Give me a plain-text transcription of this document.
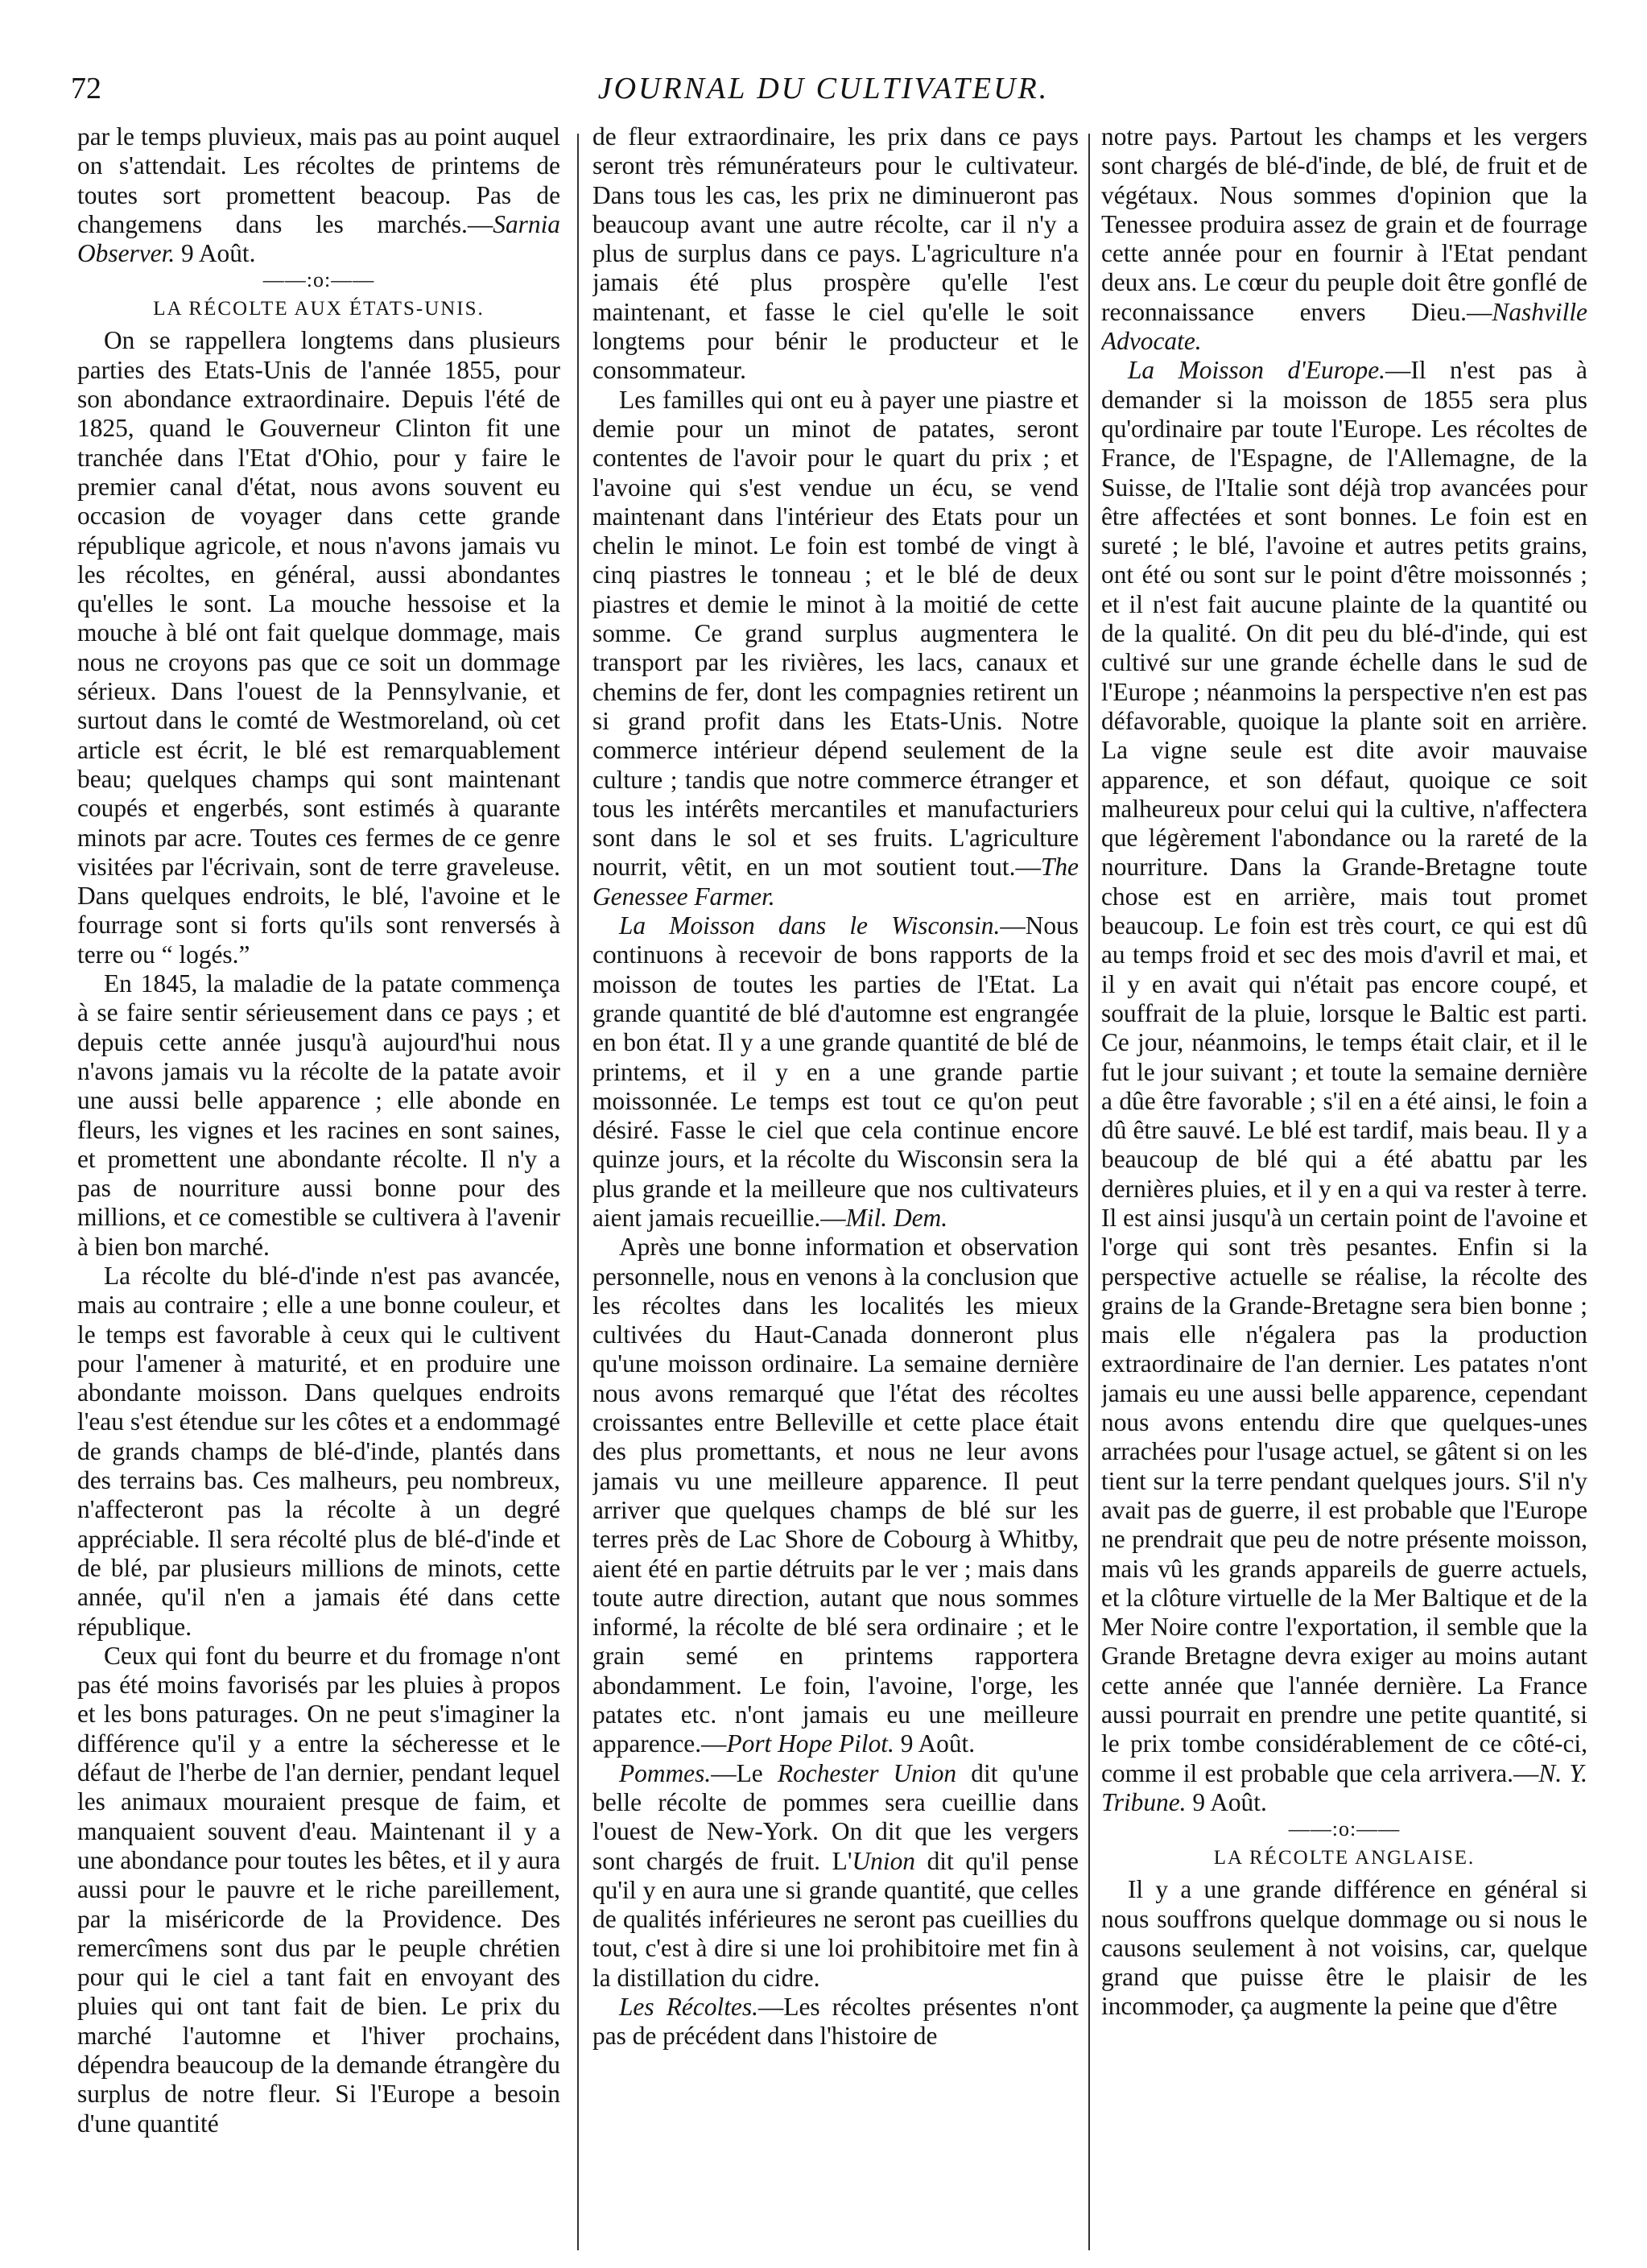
72	JOURNAL DU CULTIVATEUR.

par le temps pluvieux, mais pas au point auquel on s'attendait. Les récoltes de printems de toutes sort promettent beacoup. Pas de changemens dans les marchés.—Sarnia Observer. 9 Août.

——:o:——
LA RÉCOLTE AUX ÉTATS-UNIS.

On se rappellera longtems dans plusieurs parties des Etats-Unis de l'année 1855, pour son abondance extraordinaire. Depuis l'été de 1825, quand le Gouverneur Clinton fit une tranchée dans l'Etat d'Ohio, pour y faire le premier canal d'état, nous avons souvent eu occasion de voyager dans cette grande république agricole, et nous n'avons jamais vu les récoltes, en général, aussi abondantes qu'elles le sont. La mouche hessoise et la mouche à blé ont fait quelque dommage, mais nous ne croyons pas que ce soit un dommage sérieux. Dans l'ouest de la Pennsylvanie, et surtout dans le comté de Westmoreland, où cet article est écrit, le blé est remarquablement beau; quelques champs qui sont maintenant coupés et engerbés, sont estimés à quarante minots par acre. Toutes ces fermes de ce genre visitées par l'écrivain, sont de terre graveleuse. Dans quelques endroits, le blé, l'avoine et le fourrage sont si forts qu'ils sont renversés à terre ou “ logés.”

En 1845, la maladie de la patate commença à se faire sentir sérieusement dans ce pays ; et depuis cette année jusqu'à aujourd'hui nous n'avons jamais vu la récolte de la patate avoir une aussi belle apparence ; elle abonde en fleurs, les vignes et les racines en sont saines, et promettent une abondante récolte. Il n'y a pas de nourriture aussi bonne pour des millions, et ce comestible se cultivera à l'avenir à bien bon marché.

La récolte du blé-d'inde n'est pas avancée, mais au contraire ; elle a une bonne couleur, et le temps est favorable à ceux qui le cultivent pour l'amener à maturité, et en produire une abondante moisson. Dans quelques endroits l'eau s'est étendue sur les côtes et a endommagé de grands champs de blé-d'inde, plantés dans des terrains bas. Ces malheurs, peu nombreux, n'affecteront pas la récolte à un degré appréciable. Il sera récolté plus de blé-d'inde et de blé, par plusieurs millions de minots, cette année, qu'il n'en a jamais été dans cette république.

Ceux qui font du beurre et du fromage n'ont pas été moins favorisés par les pluies à propos et les bons paturages. On ne peut s'imaginer la différence qu'il y a entre la sécheresse et le défaut de l'herbe de l'an dernier, pendant lequel les animaux mouraient presque de faim, et manquaient souvent d'eau. Maintenant il y a une abondance pour toutes les bêtes, et il y aura aussi pour le pauvre et le riche pareillement, par la miséricorde de la Providence. Des remercîmens sont dus par le peuple chrétien pour qui le ciel a tant fait en envoyant des pluies qui ont tant fait de bien. Le prix du marché l'automne et l'hiver prochains, dépendra beaucoup de la demande étrangère du surplus de notre fleur. Si l'Europe a besoin d'une quantité

de fleur extraordinaire, les prix dans ce pays seront très rémunérateurs pour le cultivateur. Dans tous les cas, les prix ne diminueront pas beaucoup avant une autre récolte, car il n'y a plus de surplus dans ce pays. L'agriculture n'a jamais été plus prospère qu'elle l'est maintenant, et fasse le ciel qu'elle le soit longtems pour bénir le producteur et le consommateur.

Les familles qui ont eu à payer une piastre et demie pour un minot de patates, seront contentes de l'avoir pour le quart du prix ; et l'avoine qui s'est vendue un écu, se vend maintenant dans l'intérieur des Etats pour un chelin le minot. Le foin est tombé de vingt à cinq piastres le tonneau ; et le blé de deux piastres et demie le minot à la moitié de cette somme. Ce grand surplus augmentera le transport par les rivières, les lacs, canaux et chemins de fer, dont les compagnies retirent un si grand profit dans les Etats-Unis. Notre commerce intérieur dépend seulement de la culture ; tandis que notre commerce étranger et tous les intérêts mercantiles et manufacturiers sont dans le sol et ses fruits. L'agriculture nourrit, vêtit, en un mot soutient tout.—The Genessee Farmer.

La Moisson dans le Wisconsin.—Nous continuons à recevoir de bons rapports de la moisson de toutes les parties de l'Etat. La grande quantité de blé d'automne est engrangée en bon état. Il y a une grande quantité de blé de printems, et il y en a une grande partie moissonnée. Le temps est tout ce qu'on peut désiré. Fasse le ciel que cela continue encore quinze jours, et la récolte du Wisconsin sera la plus grande et la meilleure que nos cultivateurs aient jamais recueillie.—Mil. Dem.

Après une bonne information et observation personnelle, nous en venons à la conclusion que les récoltes dans les localités les mieux cultivées du Haut-Canada donneront plus qu'une moisson ordinaire. La semaine dernière nous avons remarqué que l'état des récoltes croissantes entre Belleville et cette place était des plus promettants, et nous ne leur avons jamais vu une meilleure apparence. Il peut arriver que quelques champs de blé sur les terres près de Lac Shore de Cobourg à Whitby, aient été en partie détruits par le ver ; mais dans toute autre direction, autant que nous sommes informé, la récolte de blé sera ordinaire ; et le grain semé en printems rapportera abondamment. Le foin, l'avoine, l'orge, les patates etc. n'ont jamais eu une meilleure apparence.—Port Hope Pilot. 9 Août.

Pommes.—Le Rochester Union dit qu'une belle récolte de pommes sera cueillie dans l'ouest de New-York. On dit que les vergers sont chargés de fruit. L'Union dit qu'il pense qu'il y en aura une si grande quantité, que celles de qualités inférieures ne seront pas cueillies du tout, c'est à dire si une loi prohibitoire met fin à la distillation du cidre.

Les Récoltes.—Les récoltes présentes n'ont pas de précédent dans l'histoire de

notre pays. Partout les champs et les vergers sont chargés de blé-d'inde, de blé, de fruit et de végétaux. Nous sommes d'opinion que la Tenessee produira assez de grain et de fourrage cette année pour en fournir à l'Etat pendant deux ans. Le cœur du peuple doit être gonflé de reconnaissance envers Dieu.—Nashville Advocate.

La Moisson d'Europe.—Il n'est pas à demander si la moisson de 1855 sera plus qu'ordinaire par toute l'Europe. Les récoltes de France, de l'Espagne, de l'Allemagne, de la Suisse, de l'Italie sont déjà trop avancées pour être affectées et sont bonnes. Le foin est en sureté ; le blé, l'avoine et autres petits grains, ont été ou sont sur le point d'être moissonnés ; et il n'est fait aucune plainte de la quantité ou de la qualité. On dit peu du blé-d'inde, qui est cultivé sur une grande échelle dans le sud de l'Europe ; néanmoins la perspective n'en est pas défavorable, quoique la plante soit en arrière. La vigne seule est dite avoir mauvaise apparence, et son défaut, quoique ce soit malheureux pour celui qui la cultive, n'affectera que légèrement l'abondance ou la rareté de la nourriture. Dans la Grande-Bretagne toute chose est en arrière, mais tout promet beaucoup. Le foin est très court, ce qui est dû au temps froid et sec des mois d'avril et mai, et il y en avait qui n'était pas encore coupé, et souffrait de la pluie, lorsque le Baltic est parti. Ce jour, néanmoins, le temps était clair, et il le fut le jour suivant ; et toute la semaine dernière a dûe être favorable ; s'il en a été ainsi, le foin a dû être sauvé. Le blé est tardif, mais beau. Il y a beaucoup de blé qui a été abattu par les dernières pluies, et il y en a qui va rester à terre. Il est ainsi jusqu'à un certain point de l'avoine et l'orge qui sont très pesantes. Enfin si la perspective actuelle se réalise, la récolte des grains de la Grande-Bretagne sera bien bonne ; mais elle n'égalera pas la production extraordinaire de l'an dernier. Les patates n'ont jamais eu une aussi belle apparence, cependant nous avons entendu dire que quelques-unes arrachées pour l'usage actuel, se gâtent si on les tient sur la terre pendant quelques jours. S'il n'y avait pas de guerre, il est probable que l'Europe ne prendrait que peu de notre présente moisson, mais vû les grands appareils de guerre actuels, et la clôture virtuelle de la Mer Baltique et de la Mer Noire contre l'exportation, il semble que la Grande Bretagne devra exiger au moins autant cette année que l'année dernière. La France aussi pourrait en prendre une petite quantité, si le prix tombe considérablement de ce côté-ci, comme il est probable que cela arrivera.—N. Y. Tribune. 9 Août.

——:o:——
LA RÉCOLTE ANGLAISE.

Il y a une grande différence en général si nous souffrons quelque dommage ou si nous le causons seulement à not voisins, car, quelque grand que puisse être le plaisir de les incommoder, ça augmente la peine que d'être
